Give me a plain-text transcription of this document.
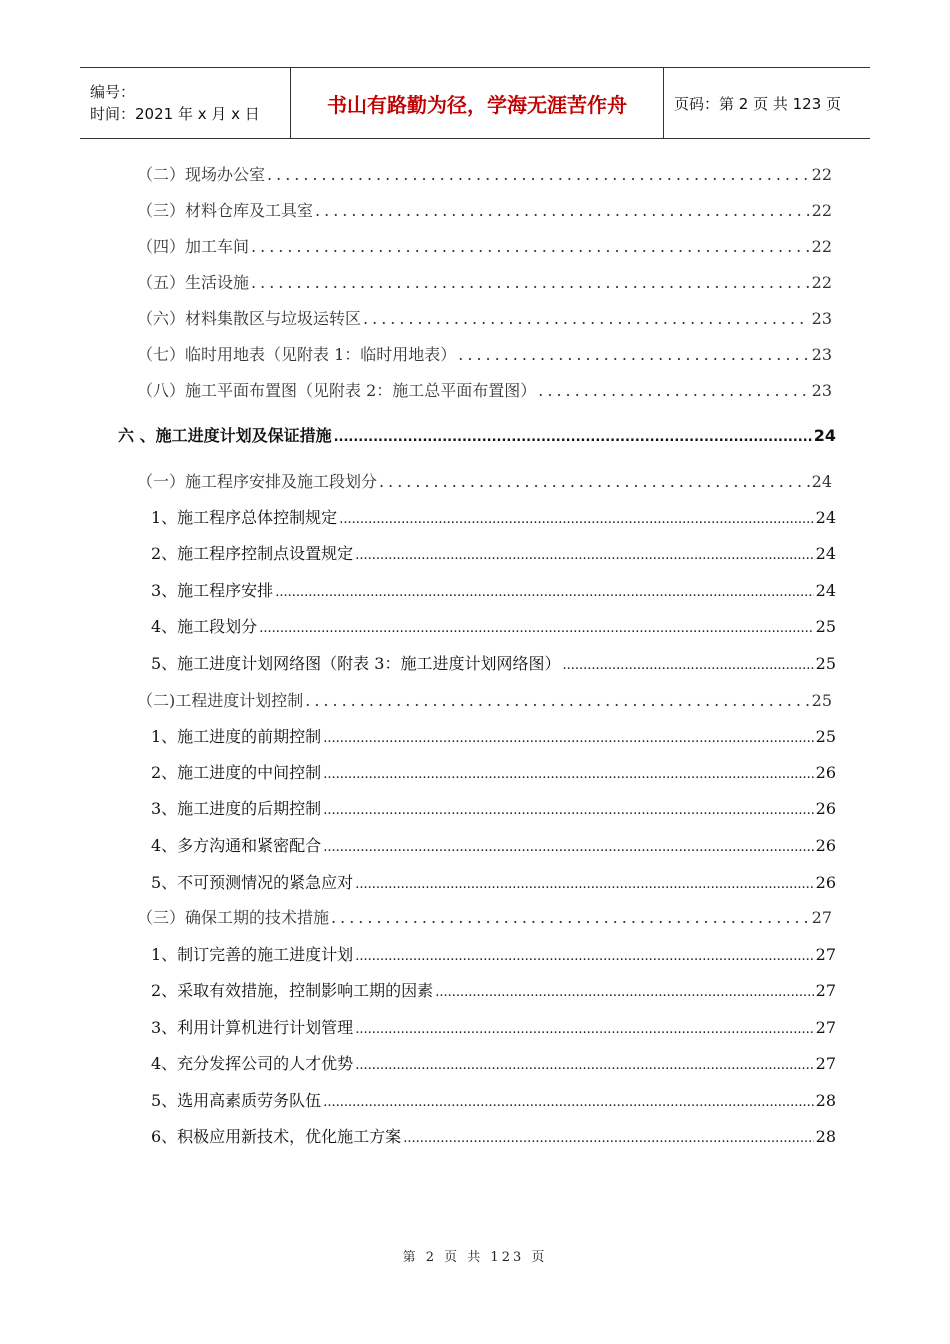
编号：
时间：2021 年 x 月 x 日	书山有路勤为径，学海无涯苦作舟	页码：第 2 页 共 123 页
（二）现场办公室 .....	22
（三）材料仓库及工具室 .....	22
（四）加工车间 .....	22
（五）生活设施 .....	22
（六）材料集散区与垃圾运转区 .....	23
（七）临时用地表（见附表 1：临时用地表） .....	23
（八）施工平面布置图（见附表 2：施工总平面布置图） .....	23
六 、施工进度计划及保证措施 .....	24
（一）施工程序安排及施工段划分 .....	24
1、施工程序总体控制规定 .....	24
2、施工程序控制点设置规定 .....	24
3、施工程序安排 .....	24
4、施工段划分 .....	25
5、施工进度计划网络图（附表 3：施工进度计划网络图） .....	25
（二)工程进度计划控制 .....	25
1、施工进度的前期控制 .....	25
2、施工进度的中间控制 .....	26
3、施工进度的后期控制 .....	26
4、多方沟通和紧密配合 .....	26
5、不可预测情况的紧急应对 .....	26
（三）确保工期的技术措施 .....	27
1、制订完善的施工进度计划 .....	27
2、采取有效措施，控制影响工期的因素 .....	27
3、利用计算机进行计划管理 .....	27
4、充分发挥公司的人才优势 .....	27
5、选用高素质劳务队伍 .....	28
6、积极应用新技术，优化施工方案 .....	28
第 2 页 共 123 页
